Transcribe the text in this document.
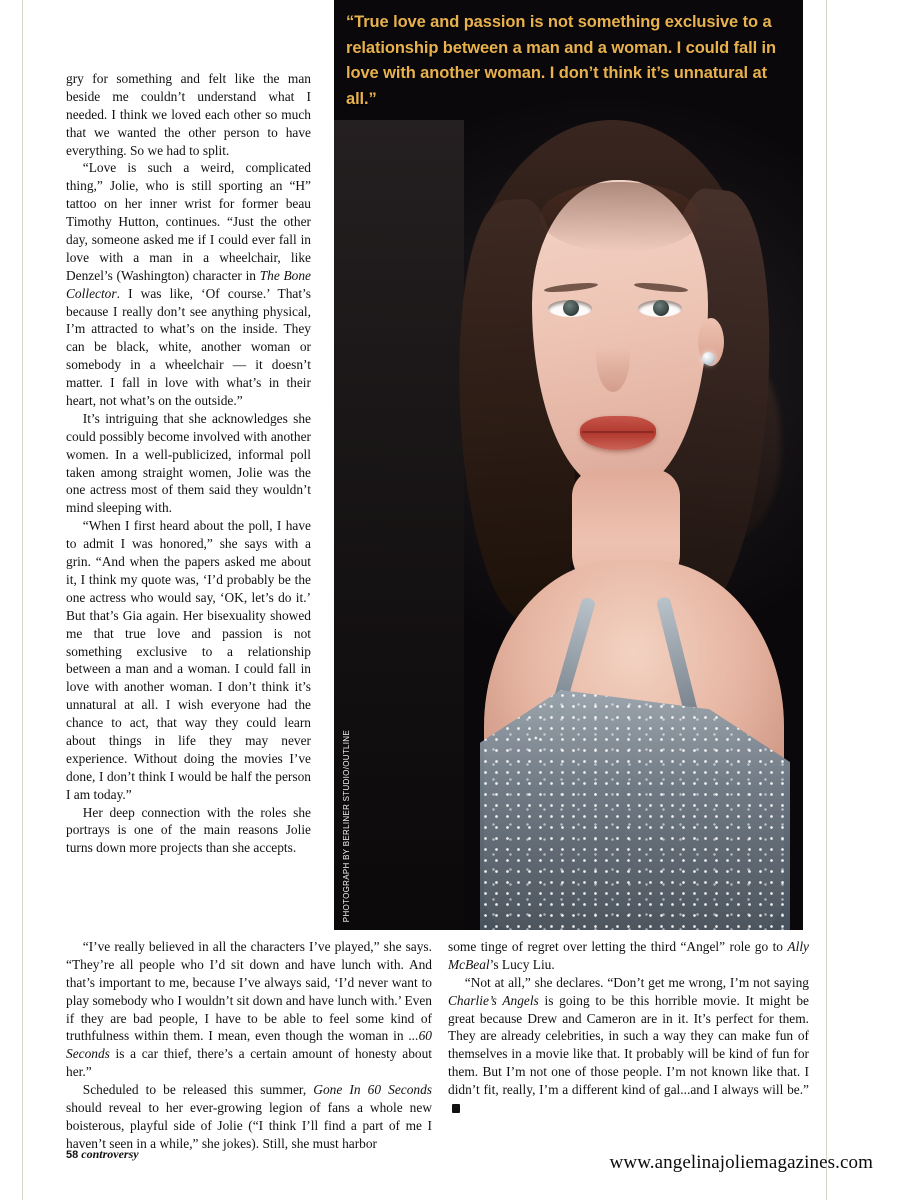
“True love and passion is not something exclusive to a relationship between a man and a woman. I could fall in love with another woman. I don’t think it’s unnatural at all.”
PHOTOGRAPH BY BERLINER STUDIO/OUTLINE

gry for something and felt like the man beside me couldn’t understand what I needed. I think we loved each other so much that we wanted the other person to have everything. So we had to split.

“Love is such a weird, complicated thing,” Jolie, who is still sporting an “H” tattoo on her inner wrist for former beau Timothy Hutton, continues. “Just the other day, someone asked me if I could ever fall in love with a man in a wheelchair, like Denzel’s (Washington) character in The Bone Collector. I was like, ‘Of course.’ That’s because I really don’t see anything physical, I’m attracted to what’s on the inside. They can be black, white, another woman or somebody in a wheelchair — it doesn’t matter. I fall in love with what’s in their heart, not what’s on the outside.”

It’s intriguing that she acknowledges she could possibly become involved with another women. In a well-publicized, informal poll taken among straight women, Jolie was the one actress most of them said they wouldn’t mind sleeping with.

“When I first heard about the poll, I have to admit I was honored,” she says with a grin. “And when the papers asked me about it, I think my quote was, ‘I’d probably be the one actress who would say, ‘OK, let’s do it.’ But that’s Gia again. Her bisexuality showed me that true love and passion is not something exclusive to a relationship between a man and a woman. I could fall in love with another woman. I don’t think it’s unnatural at all. I wish everyone had the chance to act, that way they could learn about things in life they may never experience. Without doing the movies I’ve done, I don’t think I would be half the person I am today.”

Her deep connection with the roles she portrays is one of the main reasons Jolie turns down more projects than she accepts.

“I’ve really believed in all the characters I’ve played,” she says. “They’re all people who I’d sit down and have lunch with. And that’s important to me, because I’ve always said, ‘I’d never want to play somebody who I wouldn’t sit down and have lunch with.’ Even if they are bad people, I have to be able to feel some kind of truthfulness within them. I mean, even though the woman in ...60 Seconds is a car thief, there’s a certain amount of honesty about her.”

Scheduled to be released this summer, Gone In 60 Seconds should reveal to her ever-growing legion of fans a whole new boisterous, playful side of Jolie (“I think I’ll find a part of me I haven’t seen in a while,” she jokes). Still, she must harbor

some tinge of regret over letting the third “Angel” role go to Ally McBeal’s Lucy Liu.

“Not at all,” she declares. “Don’t get me wrong, I’m not saying Charlie’s Angels is going to be this horrible movie. It might be great because Drew and Cameron are in it. It’s perfect for them. They are already celebrities, in such a way they can make fun of themselves in a movie like that. It probably will be kind of fun for them. But I’m not one of those people. I’m not known like that. I didn’t fit, really, I’m a different kind of gal...and I always will be.”

58 controversy	www.angelinajoliemagazines.com
